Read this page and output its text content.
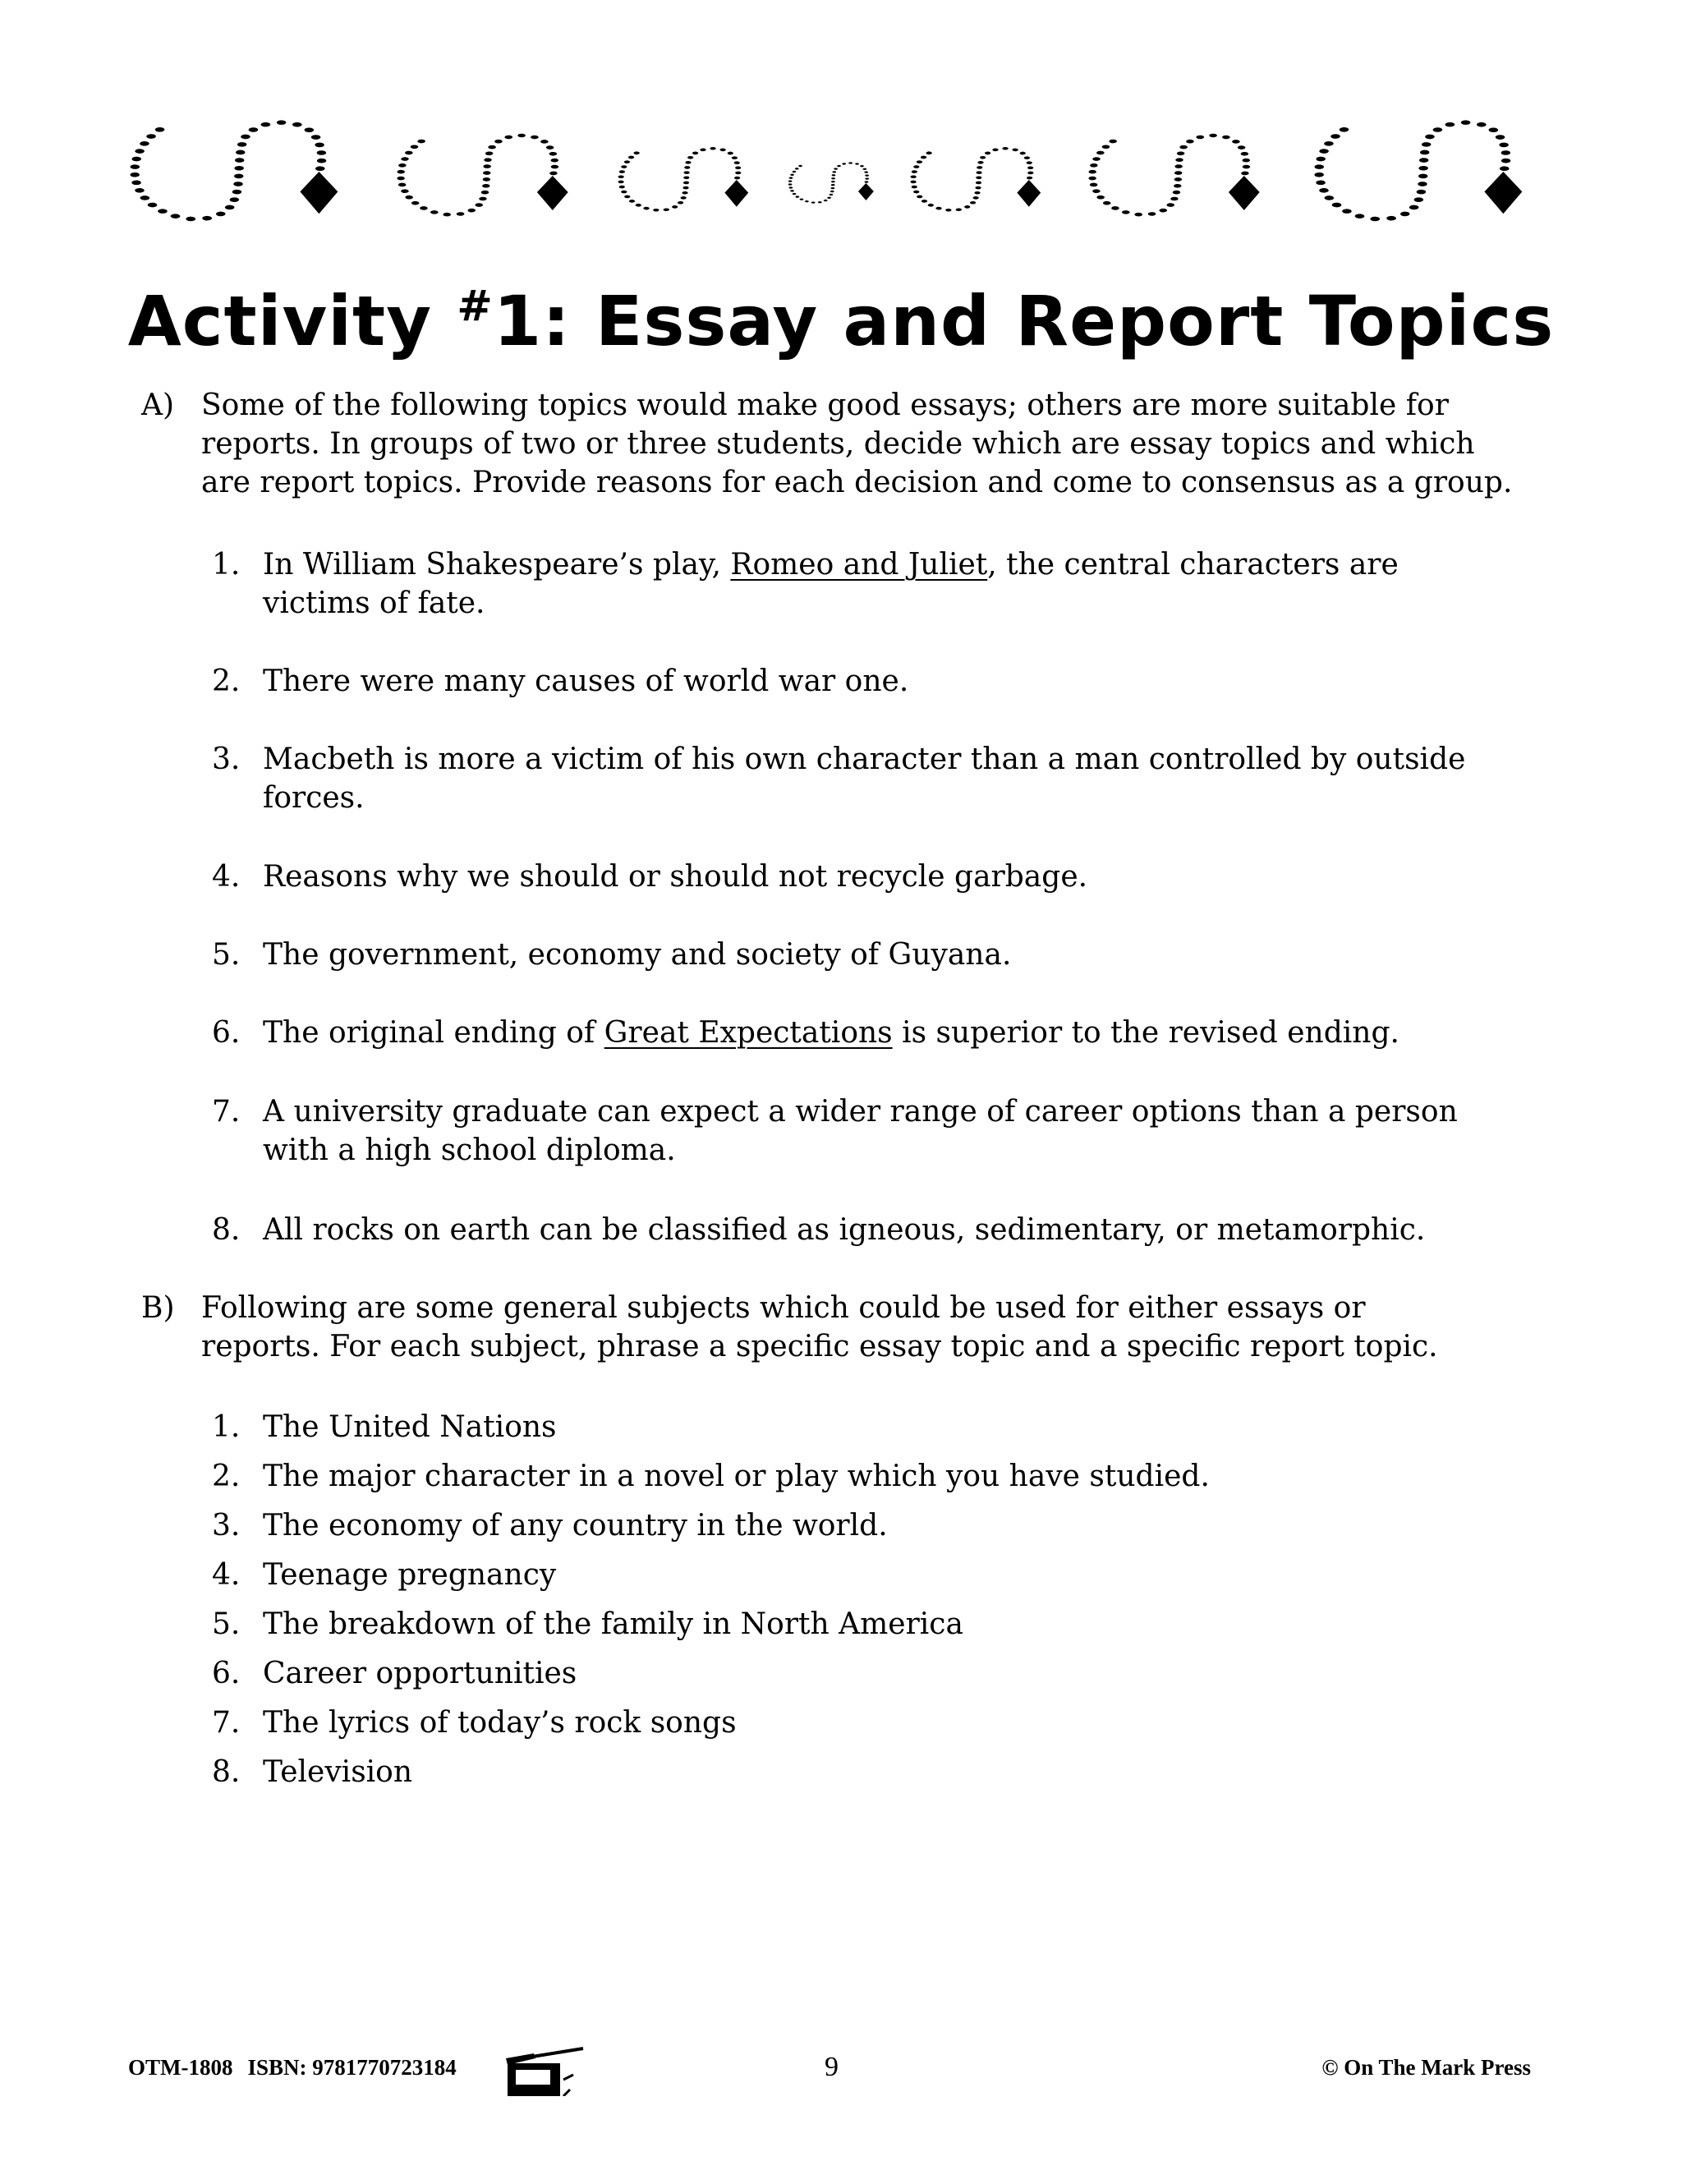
Activity #1: Essay and Report Topics
A) Some of the following topics would make good essays; others are more suitable for
reports. In groups of two or three students, decide which are essay topics and which
are report topics. Provide reasons for each decision and come to consensus as a group.
1. In William Shakespeare’s play, Romeo and Juliet, the central characters are
victims of fate.
2. There were many causes of world war one.
3. Macbeth is more a victim of his own character than a man controlled by outside
forces.
4. Reasons why we should or should not recycle garbage.
5. The government, economy and society of Guyana.
6. The original ending of Great Expectations is superior to the revised ending.
7. A university graduate can expect a wider range of career options than a person
with a high school diploma.
8. All rocks on earth can be classified as igneous, sedimentary, or metamorphic.
B) Following are some general subjects which could be used for either essays or
reports. For each subject, phrase a specific essay topic and a specific report topic.
1. The United Nations
2. The major character in a novel or play which you have studied.
3. The economy of any country in the world.
4. Teenage pregnancy
5. The breakdown of the family in North America
6. Career opportunities
7. The lyrics of today’s rock songs
8. Television
OTM-1808 ISBN: 9781770723184	9	© On The Mark Press
